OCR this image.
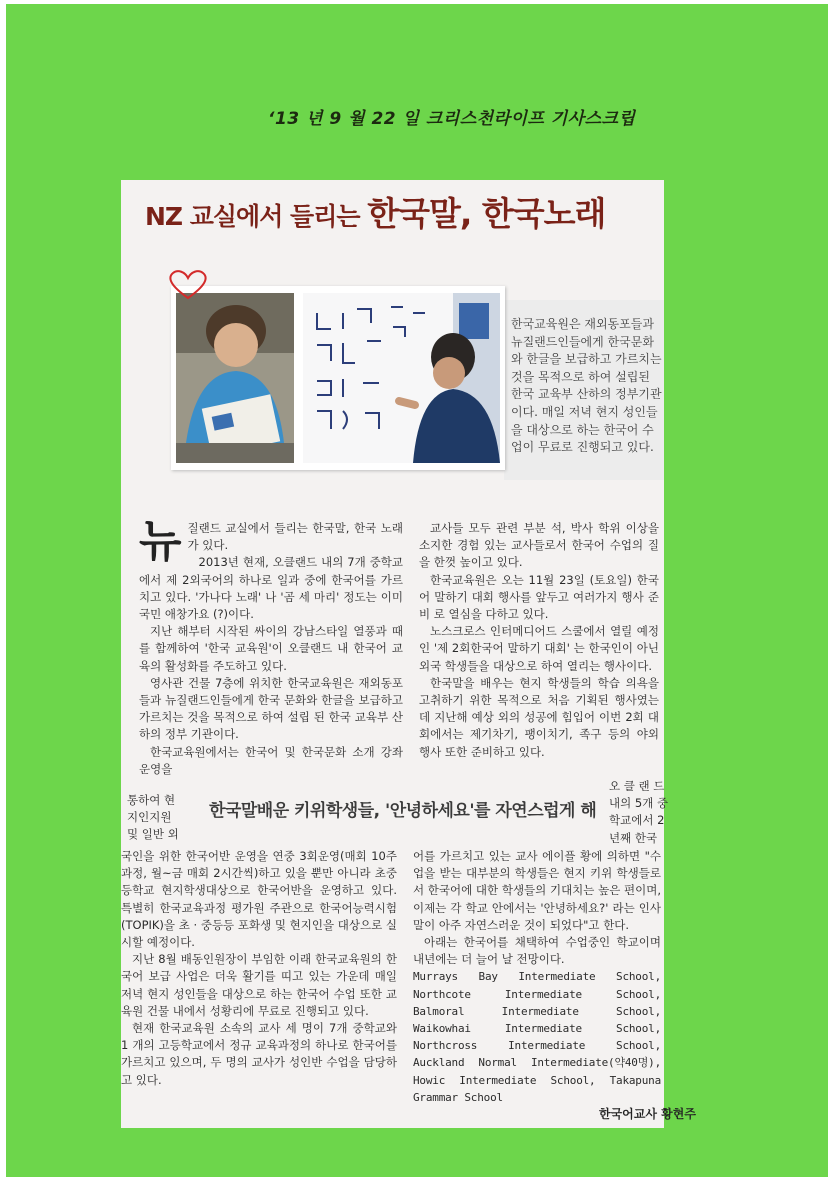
‘13 년 9 월 22 일 크리스천라이프 기사스크립
NZ 교실에서 들리는 한국말, 한국노래
한국교육원은 재외동포들과 뉴질랜드인들에게 한국문화와 한글을 보급하고 가르치는 것을 목적으로 하여 설립된 한국 교육부 산하의 정부기관이다. 매일 저녁 현지 성인들을 대상으로 하는 한국어 수업이 무료로 진행되고 있다.

뉴질랜드 교실에서 들리는 한국말, 한국 노래가 있다.

2013년 현재, 오클랜드 내의 7개 중학교에서 제 2외국어의 하나로 일과 중에 한국어를 가르치고 있다. '가나다 노래' 나 '곰 세 마리' 정도는 이미 국민 애창가요 (?)이다.

지난 해부터 시작된 싸이의 강남스타일 열풍과 때를 함께하여 '한국 교육원'이 오클랜드 내 한국어 교육의 활성화를 주도하고 있다.

영사관 건물 7층에 위치한 한국교육원은 재외동포들과 뉴질랜드인들에게 한국 문화와 한글을 보급하고 가르치는 것을 목적으로 하여 설립 된 한국 교육부 산하의 정부 기관이다.

한국교육원에서는 한국어 및 한국문화 소개 강좌 운영을

통하여 현

지인지원

및 일반 외

국인을 위한 한국어반 운영을 연중 3회운영(매회 10주과정, 월~금 매회 2시간씩)하고 있을 뿐만 아니라 초중등학교 현지학생대상으로 한국어반을 운영하고 있다. 특별히 한국교육과정 평가원 주관으로 한국어능력시험(TOPIK)을 초 · 중등등 포화생 및 현지인을 대상으로 실시할 예정이다.

지난 8월 배동인원장이 부임한 이래 한국교육원의 한국어 보급 사업은 더욱 활기를 띠고 있는 가운데 매일 저녁 현지 성인들을 대상으로 하는 한국어 수업 또한 교육원 건물 내에서 성황리에 무료로 진행되고 있다.

현재 한국교육원 소속의 교사 세 명이 7개 중학교와 1 개의 고등학교에서 정규 교육과정의 하나로 한국어를 가르치고 있으며, 두 명의 교사가 성인반 수업을 담당하고 있다.

교사들 모두 관련 부분 석, 박사 학위 이상을 소지한 경험 있는 교사들로서 한국어 수업의 질을 한껏 높이고 있다.

한국교육원은 오는 11월 23일 (토요일) 한국어 말하기 대회 행사를 앞두고 여러가지 행사 준비 로 열심을 다하고 있다.

노스크로스 인터메디어드 스쿨에서 열릴 예정인 '제 2회한국어 말하기 대회' 는 한국인이 아닌 외국 학생들을 대상으로 하여 열리는 행사이다.

한국말을 배우는 현지 학생들의 학습 의욕을 고취하기 위한 목적으로 처음 기획된 행사였는데 지난해 예상 외의 성공에 힘입어 이번 2회 대회에서는 제기차기, 팽이치기, 족구 등의 야외 행사 또한 준비하고 있다.

오 클 랜 드

내의 5개 중

학교에서 2

년째 한국

어를 가르치고 있는 교사 에이플 황에 의하면 "수업을 받는 대부분의 학생들은 현지 키위 학생들로서 한국어에 대한 학생들의 기대치는 높은 편이며, 이제는 각 학교 안에서는 '안녕하세요?' 라는 인사말이 아주 자연스러운 것이 되었다"고 한다.

아래는 한국어를 채택하여 수업중인 학교이며 내년에는 더 늘어 날 전망이다.

Murrays Bay Intermediate School, Northcote Intermediate School, Balmoral Intermediate School, Waikowhai Intermediate School, Northcross Intermediate School, Auckland Normal Intermediate(약40명), Howic Intermediate School, Takapuna Grammar School

한국말배운 키위학생들, '안녕하세요'를 자연스럽게 해
한국어교사 황현주
